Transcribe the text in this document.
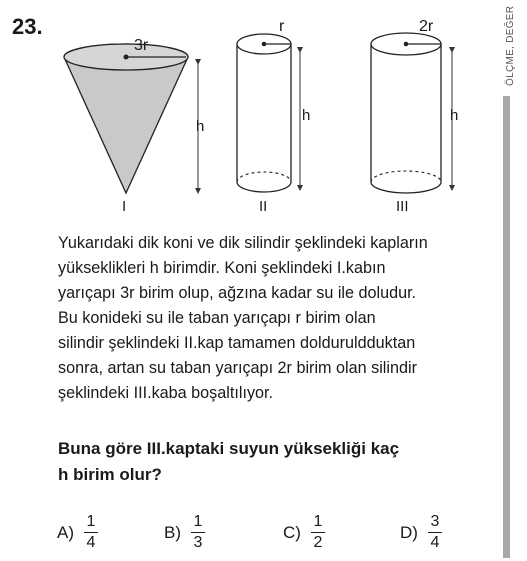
23.	ÖLÇME, DEĞER
3r
h
I
r
h
II
2r
h
III
Yukarıdaki dik koni ve dik silindir şeklindeki kapların
yükseklikleri h birimdir. Koni şeklindeki I.kabın
yarıçapı 3r birim olup, ağzına kadar su ile doludur.
Bu konideki su ile taban yarıçapı r birim olan
silindir şeklindeki II.kap tamamen dolduruldduktan
sonra, artan su taban yarıçapı 2r birim olan silindir
şeklindeki III.kaba boşaltılıyor.
Buna göre III.kaptaki suyun yüksekliği kaç
h birim olur?
$A) \frac{1}{4}$	$B) \frac{1}{3}$	$C) \frac{1}{2}$	$D) \frac{3}{4}$
